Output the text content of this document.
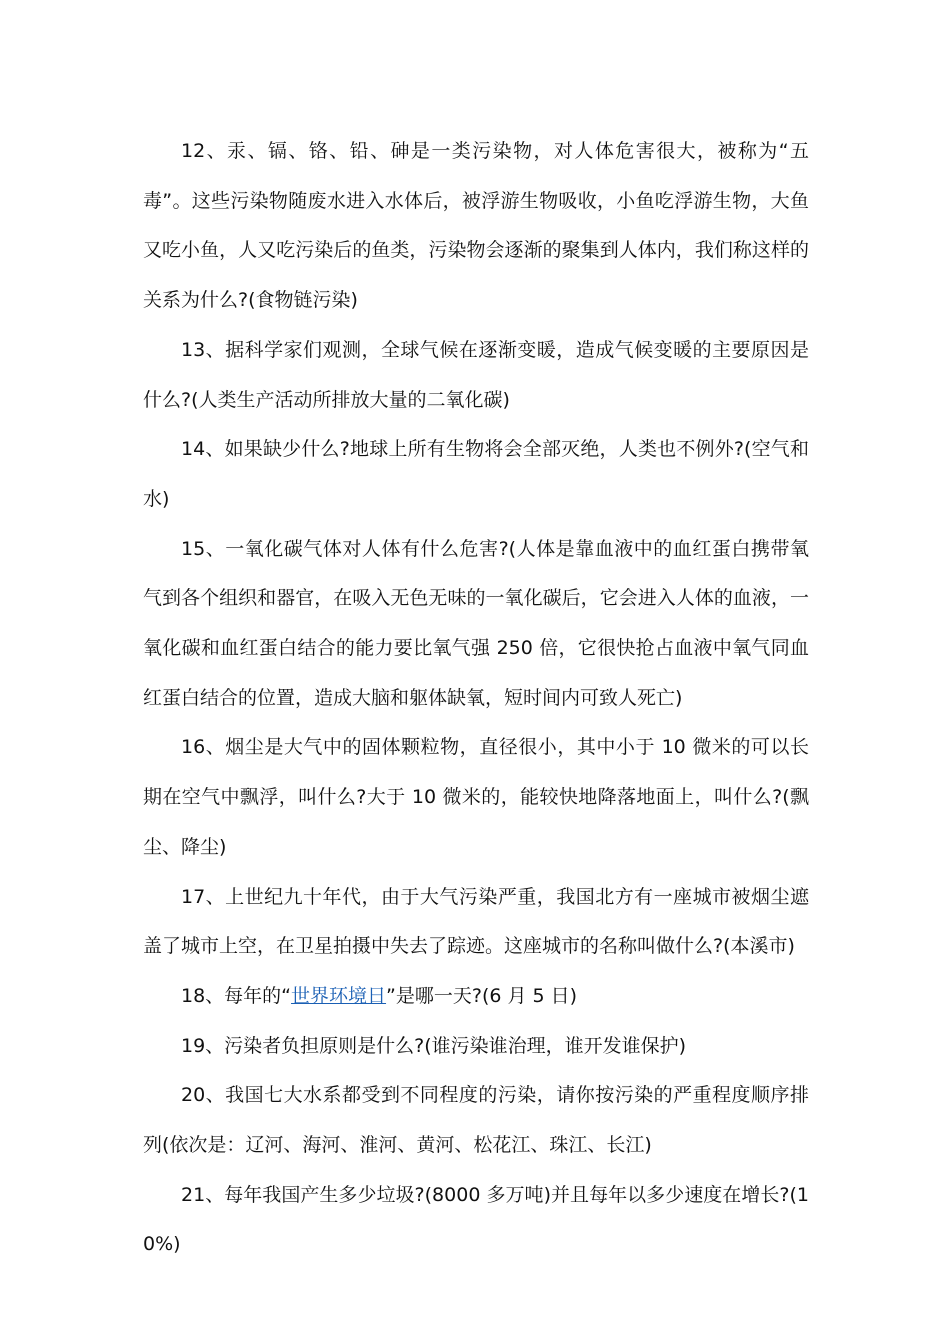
12、汞、镉、铬、铅、砷是一类污染物，对人体危害很大，被称为“五毒”。这些污染物随废水进入水体后，被浮游生物吸收，小鱼吃浮游生物，大鱼又吃小鱼，人又吃污染后的鱼类，污染物会逐渐的聚集到人体内，我们称这样的关系为什么?(食物链污染)

13、据科学家们观测，全球气候在逐渐变暖，造成气候变暖的主要原因是什么?(人类生产活动所排放大量的二氧化碳)

14、如果缺少什么?地球上所有生物将会全部灭绝，人类也不例外?(空气和水)

15、一氧化碳气体对人体有什么危害?(人体是靠血液中的血红蛋白携带氧气到各个组织和器官，在吸入无色无味的一氧化碳后，它会进入人体的血液，一氧化碳和血红蛋白结合的能力要比氧气强 250 倍，它很快抢占血液中氧气同血红蛋白结合的位置，造成大脑和躯体缺氧，短时间内可致人死亡)

16、烟尘是大气中的固体颗粒物，直径很小，其中小于 10 微米的可以长期在空气中飘浮，叫什么?大于 10 微米的，能较快地降落地面上，叫什么?(飘尘、降尘)

17、上世纪九十年代，由于大气污染严重，我国北方有一座城市被烟尘遮盖了城市上空，在卫星拍摄中失去了踪迹。这座城市的名称叫做什么?(本溪市)

18、每年的“世界环境日”是哪一天?(6 月 5 日)

19、污染者负担原则是什么?(谁污染谁治理，谁开发谁保护)

20、我国七大水系都受到不同程度的污染，请你按污染的严重程度顺序排列(依次是：辽河、海河、淮河、黄河、松花江、珠江、长江)

21、每年我国产生多少垃圾?(8000 多万吨)并且每年以多少速度在增长?(10%)
